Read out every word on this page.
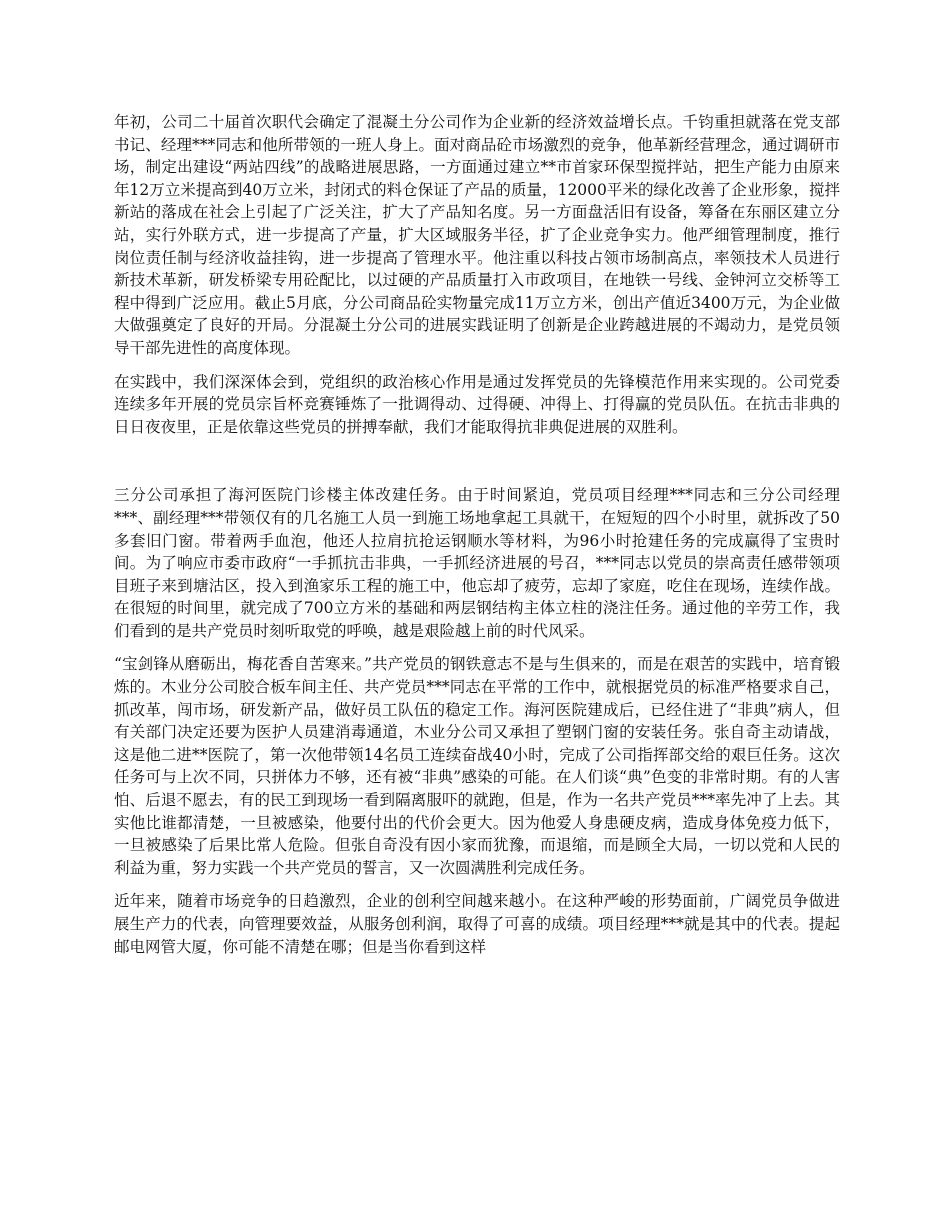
年初，公司二十届首次职代会确定了混凝土分公司作为企业新的经济效益增长点。千钧重担就落在党支部书记、经理***同志和他所带领的一班人身上。面对商品砼市场激烈的竞争，他革新经营理念，通过调研市场，制定出建设“两站四线”的战略进展思路，一方面通过建立**市首家环保型搅拌站，把生产能力由原来年12万立米提高到40万立米，封闭式的料仓保证了产品的质量，12000平米的绿化改善了企业形象，搅拌新站的落成在社会上引起了广泛关注，扩大了产品知名度。另一方面盘活旧有设备，筹备在东丽区建立分站，实行外联方式，进一步提高了产量，扩大区域服务半径，扩了企业竞争实力。他严细管理制度，推行岗位责任制与经济收益挂钩，进一步提高了管理水平。他注重以科技占领市场制高点，率领技术人员进行新技术革新，研发桥梁专用砼配比，以过硬的产品质量打入市政项目，在地铁一号线、金钟河立交桥等工程中得到广泛应用。截止5月底，分公司商品砼实物量完成11万立方米，创出产值近3400万元，为企业做大做强奠定了良好的开局。分混凝土分公司的进展实践证明了创新是企业跨越进展的不竭动力，是党员领导干部先进性的高度体现。

在实践中，我们深深体会到，党组织的政治核心作用是通过发挥党员的先锋模范作用来实现的。公司党委连续多年开展的党员宗旨杯竞赛锤炼了一批调得动、过得硬、冲得上、打得赢的党员队伍。在抗击非典的日日夜夜里，正是依靠这些党员的拼搏奉献，我们才能取得抗非典促进展的双胜利。

三分公司承担了海河医院门诊楼主体改建任务。由于时间紧迫，党员项目经理***同志和三分公司经理***、副经理***带领仅有的几名施工人员一到施工场地拿起工具就干，在短短的四个小时里，就拆改了50多套旧门窗。带着两手血泡，他还人拉肩抗抢运钢顺水等材料，为96小时抢建任务的完成赢得了宝贵时间。为了响应市委市政府“一手抓抗击非典，一手抓经济进展的号召，***同志以党员的崇高责任感带领项目班子来到塘沽区，投入到渔家乐工程的施工中，他忘却了疲劳，忘却了家庭，吃住在现场，连续作战。在很短的时间里，就完成了700立方米的基础和两层钢结构主体立柱的浇注任务。通过他的辛劳工作，我们看到的是共产党员时刻听取党的呼唤，越是艰险越上前的时代风采。

“宝剑锋从磨砺出，梅花香自苦寒来。”共产党员的钢铁意志不是与生俱来的，而是在艰苦的实践中，培育锻炼的。木业分公司胶合板车间主任、共产党员***同志在平常的工作中，就根据党员的标准严格要求自己，抓改革，闯市场，研发新产品，做好员工队伍的稳定工作。海河医院建成后，已经住进了“非典”病人，但有关部门决定还要为医护人员建消毒通道，木业分公司又承担了塑钢门窗的安装任务。张自奇主动请战，这是他二进**医院了，第一次他带领14名员工连续奋战40小时，完成了公司指挥部交给的艰巨任务。这次任务可与上次不同，只拼体力不够，还有被“非典”感染的可能。在人们谈“典”色变的非常时期。有的人害怕、后退不愿去，有的民工到现场一看到隔离服吓的就跑，但是，作为一名共产党员***率先冲了上去。其实他比谁都清楚，一旦被感染，他要付出的代价会更大。因为他爱人身患硬皮病，造成身体免疫力低下，一旦被感染了后果比常人危险。但张自奇没有因小家而犹豫，而退缩，而是顾全大局，一切以党和人民的利益为重，努力实践一个共产党员的誓言，又一次圆满胜利完成任务。

近年来，随着市场竞争的日趋激烈，企业的创利空间越来越小。在这种严峻的形势面前，广阔党员争做进展生产力的代表，向管理要效益，从服务创利润，取得了可喜的成绩。项目经理***就是其中的代表。提起邮电网管大厦，你可能不清楚在哪；但是当你看到这样
